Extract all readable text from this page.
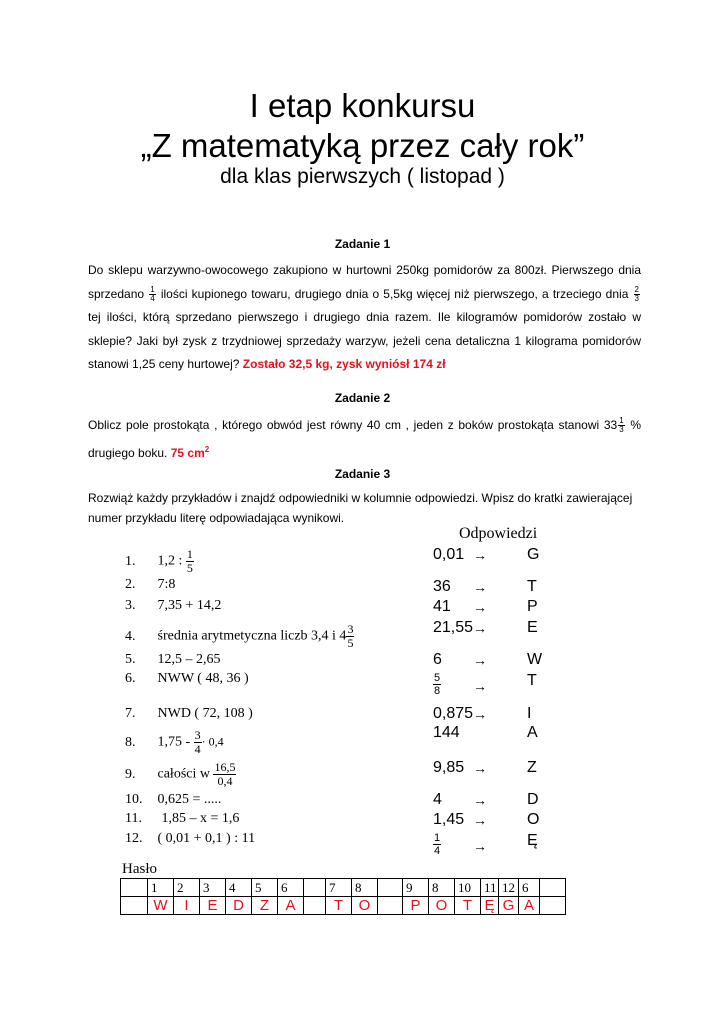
I etap konkursu
„Z matematyką przez cały rok”
dla klas pierwszych ( listopad )
Zadanie 1
Do sklepu warzywno-owocowego zakupiono w hurtowni 250kg pomidorów za 800zł. Pierwszego dnia sprzedano $\frac{1}{4}$ ilości kupionego towaru, drugiego dnia o 5,5kg więcej niż pierwszego, a trzeciego dnia $\frac{2}{3}$
tej ilości, którą sprzedano pierwszego i drugiego dnia razem. Ile kilogramów pomidorów zostało w sklepie? Jaki był zysk z trzydniowej sprzedaży warzyw, jeżeli cena detaliczna 1 kilograma pomidorów stanowi 1,25 ceny hurtowej? Zostało 32,5 kg, zysk wyniósł 174 zł
Zadanie 2
Oblicz pole prostokąta , którego obwód jest równy 40 cm , jeden z boków prostokąta stanowi $33 \frac{1}{3}$ % drugiego boku. 75 $cm^2$
Zadanie 3
Rozwiąż każdy przykładów i znajdź odpowiedniki w kolumnie odpowiedzi. Wpisz do kratki zawierającej numer przykładu literę odpowiadająca wynikowi.
1. 1,2 : $\frac{1}{5}$
2. 7:8
3. 7,35 + 14,2
4. średnia arytmetyczna liczb 3,4 i $4 \frac{3}{5}$
5. 12,5 – 2,65
6. NWW ( 48, 36 )
7. NWD ( 72, 108 )
8. $1,75 - \frac{3}{4} \cdot 0,4$
9. całości w $\frac{16,5}{0,4}$
10. 0,625 = .....
11. 1,85 – x = 1,6
12. ( 0,01 + 0,1 ) : 11
Odpowiedzi
0,01 →	G
36 →	T
41 →	P
21,55 →	E
6 →	W
$\frac{5}{8}$ →	T
0,875 →	I
144	A
9,85 →	Z
4 →	D
1,45 →	O
$\frac{1}{4}$ →	Ę
Hasło
	1	2	3	4	5	6		7	8		9	8	10	11	12	6	
	W	I	E	D	Z	A		T	O		P	O	T	Ę	G	A	
